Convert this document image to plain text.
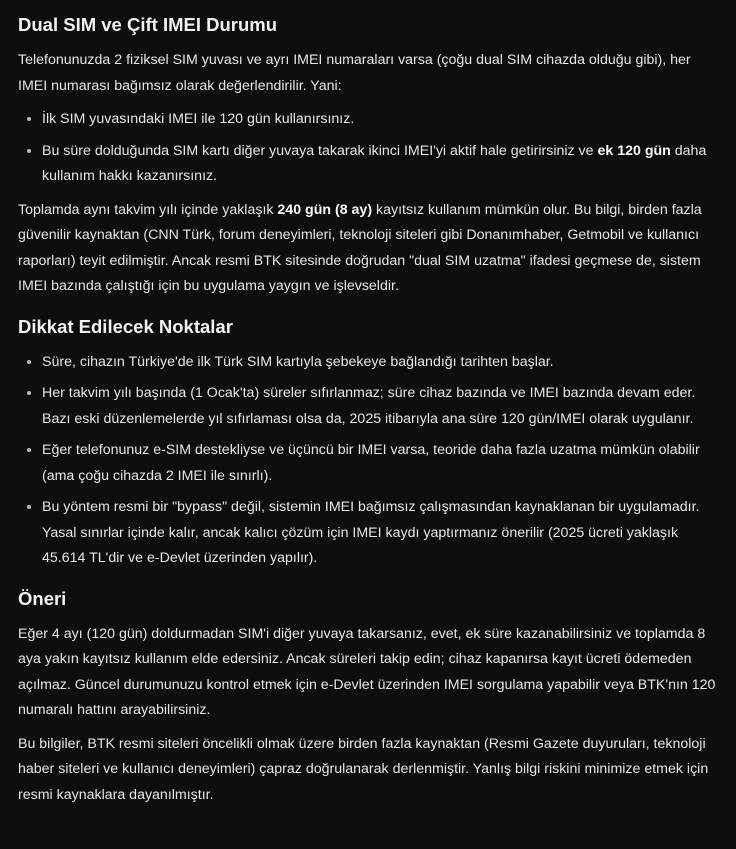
Dual SIM ve Çift IMEI Durumu

Telefonunuzda 2 fiziksel SIM yuvası ve ayrı IMEI numaraları varsa (çoğu dual SIM cihazda olduğu gibi), her IMEI numarası bağımsız olarak değerlendirilir. Yani:

• İlk SIM yuvasındaki IMEI ile 120 gün kullanırsınız.
• Bu süre dolduğunda SIM kartı diğer yuvaya takarak ikinci IMEI'yi aktif hale getirirsiniz ve ek 120 gün daha kullanım hakkı kazanırsınız.

Toplamda aynı takvim yılı içinde yaklaşık 240 gün (8 ay) kayıtsız kullanım mümkün olur. Bu bilgi, birden fazla güvenilir kaynaktan (CNN Türk, forum deneyimleri, teknoloji siteleri gibi Donanımhaber, Getmobil ve kullanıcı raporları) teyit edilmiştir. Ancak resmi BTK sitesinde doğrudan "dual SIM uzatma" ifadesi geçmese de, sistem IMEI bazında çalıştığı için bu uygulama yaygın ve işlevseldir.

Dikkat Edilecek Noktalar
• Süre, cihazın Türkiye'de ilk Türk SIM kartıyla şebekeye bağlandığı tarihten başlar.
• Her takvim yılı başında (1 Ocak'ta) süreler sıfırlanmaz; süre cihaz bazında ve IMEI bazında devam eder. Bazı eski düzenlemelerde yıl sıfırlaması olsa da, 2025 itibarıyla ana süre 120 gün/IMEI olarak uygulanır.
• Eğer telefonunuz e-SIM destekliyse ve üçüncü bir IMEI varsa, teoride daha fazla uzatma mümkün olabilir (ama çoğu cihazda 2 IMEI ile sınırlı).
• Bu yöntem resmi bir "bypass" değil, sistemin IMEI bağımsız çalışmasından kaynaklanan bir uygulamadır. Yasal sınırlar içinde kalır, ancak kalıcı çözüm için IMEI kaydı yaptırmanız önerilir (2025 ücreti yaklaşık 45.614 TL'dir ve e-Devlet üzerinden yapılır).
Öneri

Eğer 4 ayı (120 gün) doldurmadan SIM'i diğer yuvaya takarsanız, evet, ek süre kazanabilirsiniz ve toplamda 8 aya yakın kayıtsız kullanım elde edersiniz. Ancak süreleri takip edin; cihaz kapanırsa kayıt ücreti ödemeden açılmaz. Güncel durumunuzu kontrol etmek için e-Devlet üzerinden IMEI sorgulama yapabilir veya BTK'nın 120 numaralı hattını arayabilirsiniz.

Bu bilgiler, BTK resmi siteleri öncelikli olmak üzere birden fazla kaynaktan (Resmi Gazete duyuruları, teknoloji haber siteleri ve kullanıcı deneyimleri) çapraz doğrulanarak derlenmiştir. Yanlış bilgi riskini minimize etmek için resmi kaynaklara dayanılmıştır.
